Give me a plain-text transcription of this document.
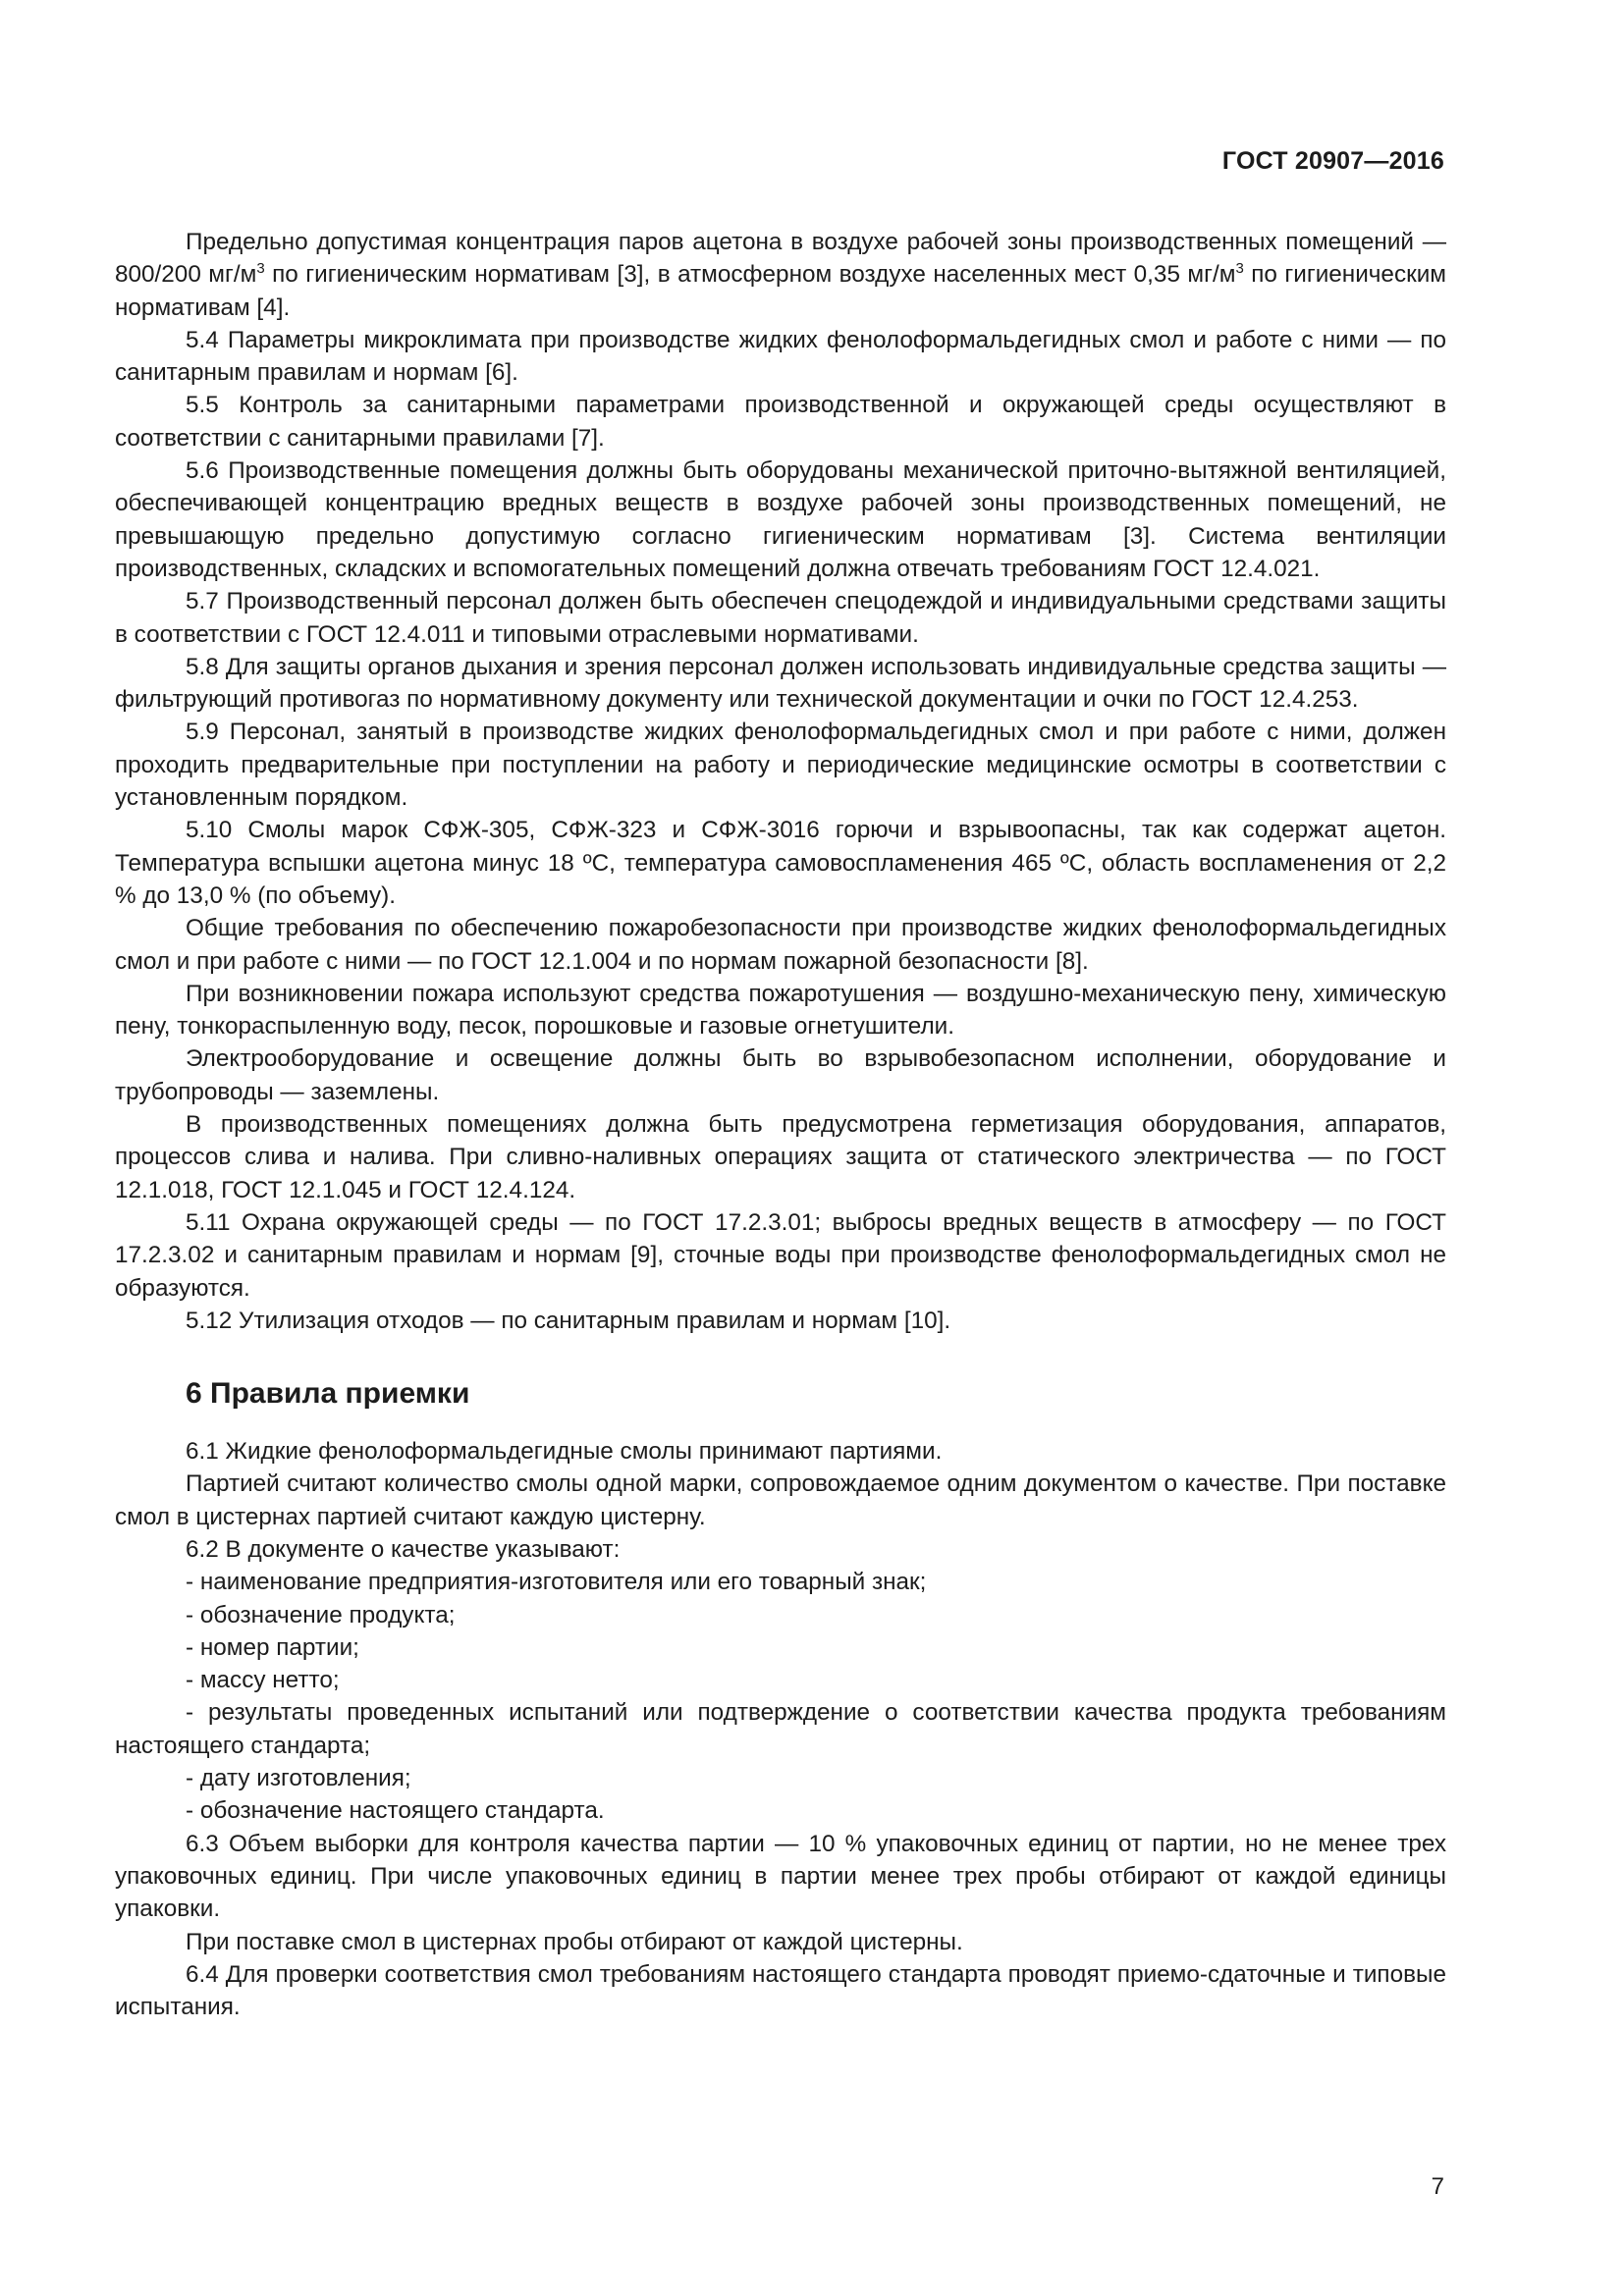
ГОСТ 20907—2016

Предельно допустимая концентрация паров ацетона в воздухе рабочей зоны производственных помещений — 800/200 $мг/м^3$ по гигиеническим нормативам [3], в атмосферном воздухе населенных мест 0,35 $мг/м^3$ по гигиеническим нормативам [4].

5.4 Параметры микроклимата при производстве жидких фенолоформальдегидных смол и работе с ними — по санитарным правилам и нормам [6].

5.5 Контроль за санитарными параметрами производственной и окружающей среды осуществляют в соответствии с санитарными правилами [7].

5.6 Производственные помещения должны быть оборудованы механической приточно-вытяжной вентиляцией, обеспечивающей концентрацию вредных веществ в воздухе рабочей зоны производственных помещений, не превышающую предельно допустимую согласно гигиеническим нормативам [3]. Система вентиляции производственных, складских и вспомогательных помещений должна отвечать требованиям ГОСТ 12.4.021.

5.7 Производственный персонал должен быть обеспечен спецодеждой и индивидуальными средствами защиты в соответствии с ГОСТ 12.4.011 и типовыми отраслевыми нормативами.

5.8 Для защиты органов дыхания и зрения персонал должен использовать индивидуальные средства защиты — фильтрующий противогаз по нормативному документу или технической документации и очки по ГОСТ 12.4.253.

5.9 Персонал, занятый в производстве жидких фенолоформальдегидных смол и при работе с ними, должен проходить предварительные при поступлении на работу и периодические медицинские осмотры в соответствии с установленным порядком.

5.10 Смолы марок СФЖ-305, СФЖ-323 и СФЖ-3016 горючи и взрывоопасны, так как содержат ацетон. Температура вспышки ацетона минус 18 ºС, температура самовоспламенения 465 ºС, область воспламенения от 2,2 % до 13,0 % (по объему).

Общие требования по обеспечению пожаробезопасности при производстве жидких фенолоформальдегидных смол и при работе с ними — по ГОСТ 12.1.004 и по нормам пожарной безопасности [8].

При возникновении пожара используют средства пожаротушения — воздушно-механическую пену, химическую пену, тонкораспыленную воду, песок, порошковые и газовые огнетушители.

Электрооборудование и освещение должны быть во взрывобезопасном исполнении, оборудование и трубопроводы — заземлены.

В производственных помещениях должна быть предусмотрена герметизация оборудования, аппаратов, процессов слива и налива. При сливно-наливных операциях защита от статического электричества — по ГОСТ 12.1.018, ГОСТ 12.1.045 и ГОСТ 12.4.124.

5.11 Охрана окружающей среды — по ГОСТ 17.2.3.01; выбросы вредных веществ в атмосферу — по ГОСТ 17.2.3.02 и санитарным правилам и нормам [9], сточные воды при производстве фенолоформальдегидных смол не образуются.

5.12 Утилизация отходов — по санитарным правилам и нормам [10].

6 Правила приемки

6.1 Жидкие фенолоформальдегидные смолы принимают партиями.

Партией считают количество смолы одной марки, сопровождаемое одним документом о качестве. При поставке смол в цистернах партией считают каждую цистерну.

6.2 В документе о качестве указывают:

- наименование предприятия-изготовителя или его товарный знак;

- обозначение продукта;

- номер партии;

- массу нетто;

- результаты проведенных испытаний или подтверждение о соответствии качества продукта требованиям настоящего стандарта;

- дату изготовления;

- обозначение настоящего стандарта.

6.3 Объем выборки для контроля качества партии — 10 % упаковочных единиц от партии, но не менее трех упаковочных единиц. При числе упаковочных единиц в партии менее трех пробы отбирают от каждой единицы упаковки.

При поставке смол в цистернах пробы отбирают от каждой цистерны.

6.4 Для проверки соответствия смол требованиям настоящего стандарта проводят приемо-сдаточные и типовые испытания.

7
